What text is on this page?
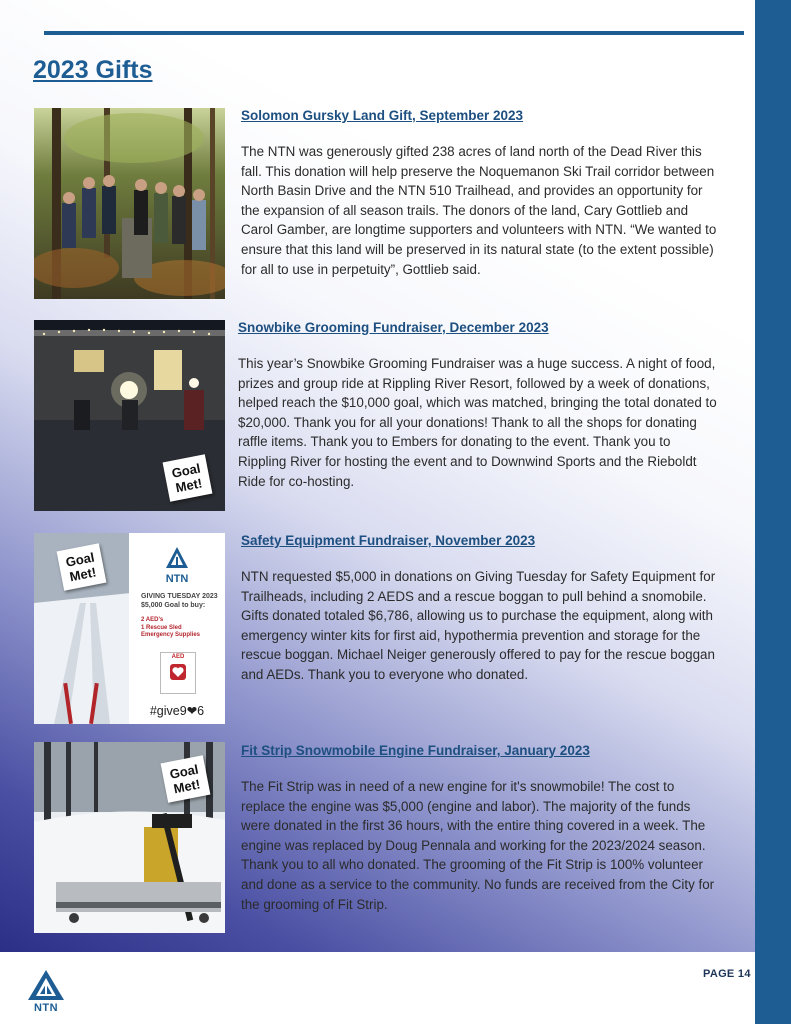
2023 Gifts
Solomon Gursky Land Gift, September 2023

The NTN was generously gifted 238 acres of land north of the Dead River this fall. This donation will help preserve the Noquemanon Ski Trail corridor between North Basin Drive and the NTN 510 Trailhead, and provides an opportunity for the expansion of all season trails. The donors of the land, Cary Gottlieb and Carol Gamber, are longtime supporters and volunteers with NTN. “We wanted to ensure that this land will be preserved in its natural state (to the extent possible) for all to use in perpetuity”, Gottlieb said.

Goal
Met!
Snowbike Grooming Fundraiser, December 2023

This year’s Snowbike Grooming Fundraiser was a huge success. A night of food, prizes and group ride at Rippling River Resort, followed by a week of donations, helped reach the $10,000 goal, which was matched, bringing the total donated to $20,000. Thank you for all your donations! Thank to all the shops for donating raffle items. Thank you to Embers for donating to the event. Thank you to Rippling River for hosting the event and to Downwind Sports and the Rieboldt Ride for co-hosting.

NTN
GIVING TUESDAY 2023
$5,000 Goal to buy:
2 AED's
1 Rescue Sled
Emergency Supplies
AED
#give9❤6
Goal
Met!
Safety Equipment Fundraiser, November 2023

NTN requested $5,000 in donations on Giving Tuesday for Safety Equipment for Trailheads, including 2 AEDS and a rescue boggan to pull behind a snomobile. Gifts donated totaled $6,786, allowing us to purchase the equipment, along with emergency winter kits for first aid, hypothermia prevention and storage for the rescue boggan. Michael Neiger generously offered to pay for the rescue boggan and AEDs. Thank you to everyone who donated.

Goal
Met!
Fit Strip Snowmobile Engine Fundraiser, January 2023

The Fit Strip was in need of a new engine for it's snowmobile! The cost to replace the engine was $5,000 (engine and labor). The majority of the funds were donated in the first 36 hours, with the entire thing covered in a week. The engine was replaced by Doug Pennala and working for the 2023/2024 season. Thank you to all who donated. The grooming of the Fit Strip is 100% volunteer and done as a service to the community. No funds are received from the City for the grooming of Fit Strip.

NTN
PAGE 14
